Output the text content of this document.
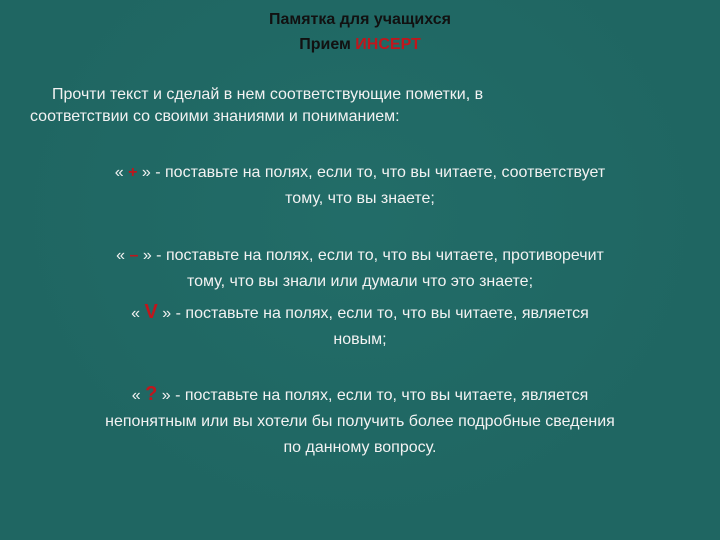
Памятка для учащихся
Прием ИНСЕРТ
Прочти текст и сделай в нем соответствующие пометки, в
соответствии со своими знаниями и пониманием:
« + » - поставьте на полях, если то, что вы читаете, соответствует
тому, что вы знаете;
« – » - поставьте на полях, если то, что вы читаете, противоречит
тому, что вы знали или думали что это знаете;
« V » - поставьте на полях, если то, что вы читаете, является
новым;
« ? » - поставьте на полях, если то, что вы читаете, является
непонятным или вы хотели бы получить более подробные сведения
по данному вопросу.
